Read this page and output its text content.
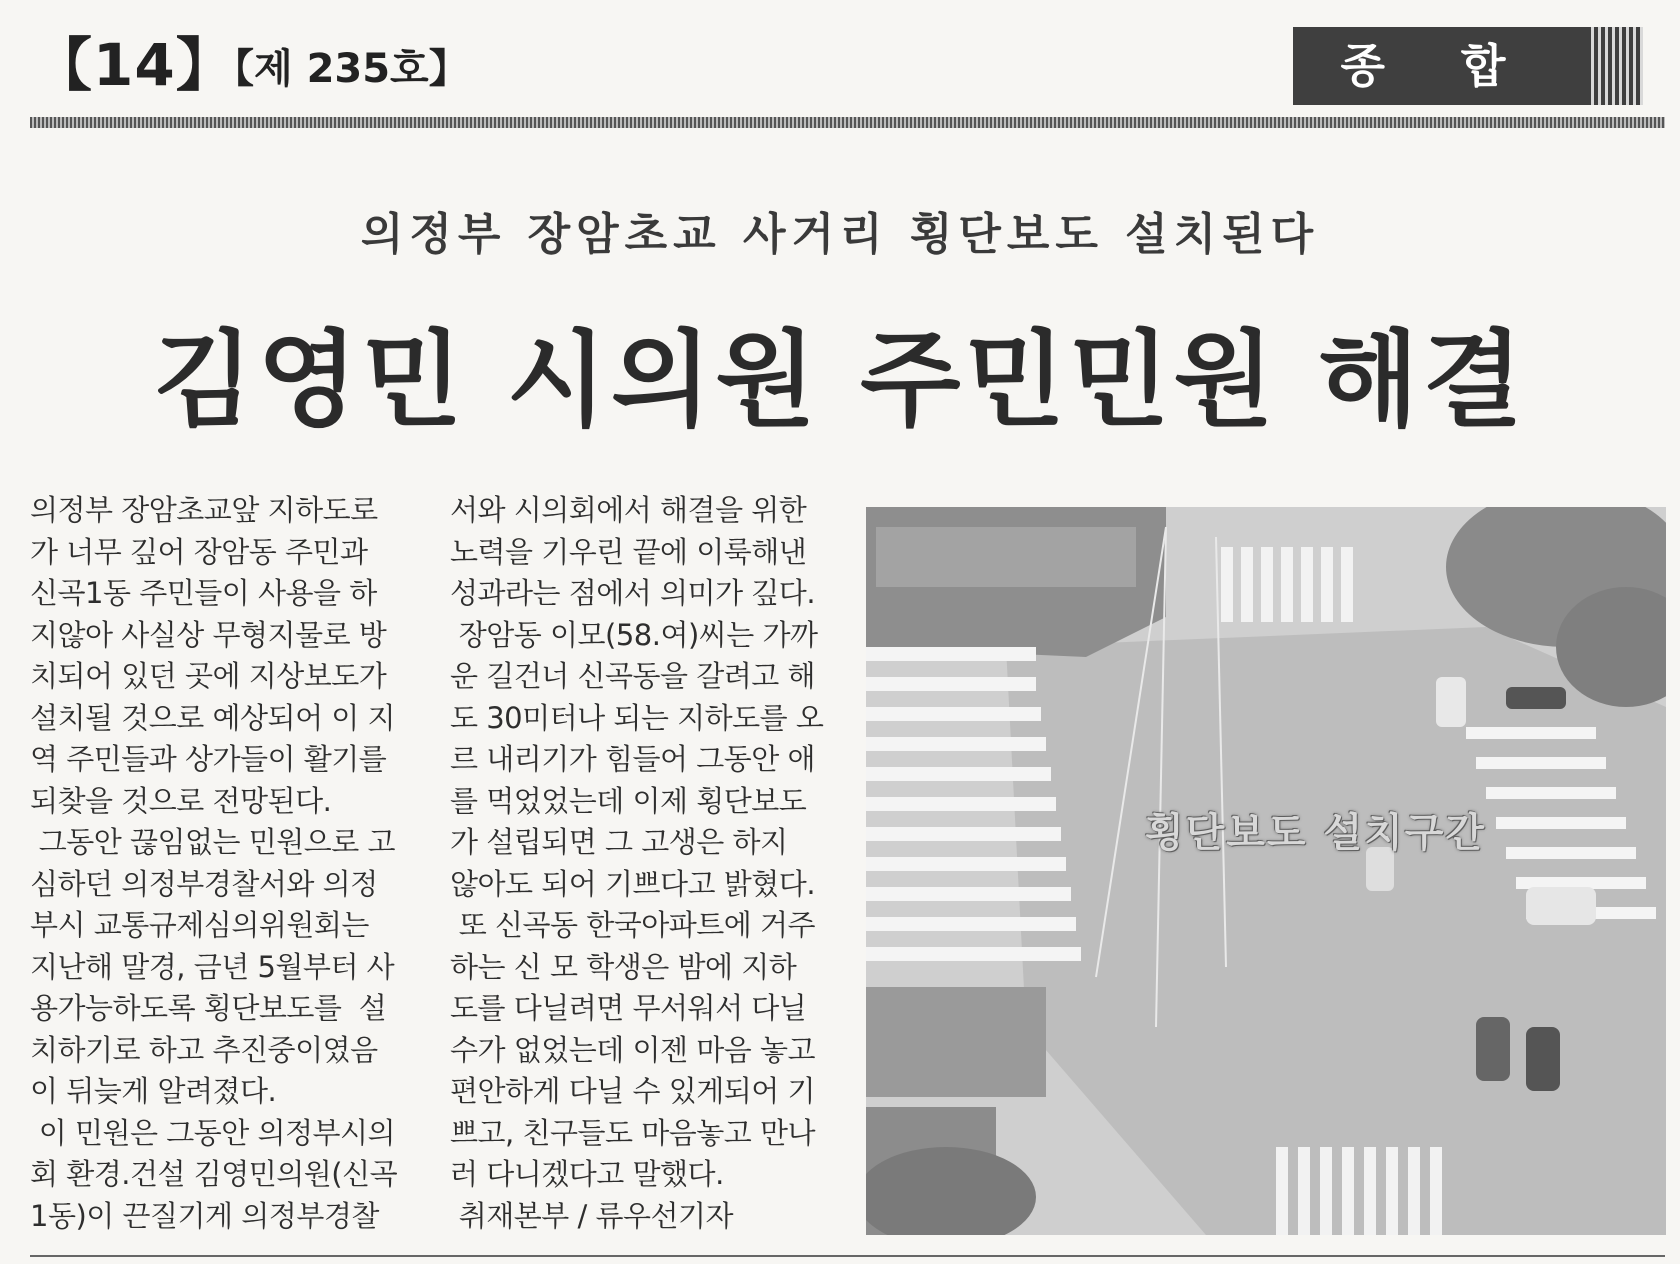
【14】
【제 235호】	종 합
의정부 장암초교 사거리 횡단보도 설치된다
김영민 시의원 주민민원 해결
의정부 장암초교앞 지하도로
가 너무 깊어 장암동 주민과
신곡1동 주민들이 사용을 하
지않아 사실상 무형지물로 방
치되어 있던 곳에 지상보도가
설치될 것으로 예상되어 이 지
역 주민들과 상가들이 활기를
되찾을 것으로 전망된다.
그동안 끊임없는 민원으로 고
심하던 의정부경찰서와 의정
부시 교통규제심의위원회는
지난해 말경, 금년 5월부터 사
용가능하도록 횡단보도를  설
치하기로 하고 추진중이였음
이 뒤늦게 알려졌다.
이 민원은 그동안 의정부시의
회 환경.건설 김영민의원(신곡
1동)이 끈질기게 의정부경찰
서와 시의회에서 해결을 위한
노력을 기우린 끝에 이룩해낸
성과라는 점에서 의미가 깊다.
장암동 이모(58.여)씨는 가까
운 길건너 신곡동을 갈려고 해
도 30미터나 되는 지하도를 오
르 내리기가 힘들어 그동안 애
를 먹었었는데 이제 횡단보도
가 설립되면 그 고생은 하지
않아도 되어 기쁘다고 밝혔다.
또 신곡동 한국아파트에 거주
하는 신 모 학생은 밤에 지하
도를 다닐려면 무서워서 다닐
수가 없었는데 이젠 마음 놓고
편안하게 다닐 수 있게되어 기
쁘고, 친구들도 마음놓고 만나
러 다니겠다고 말했다.
취재본부 / 류우선기자
횡단보도 설치구간
